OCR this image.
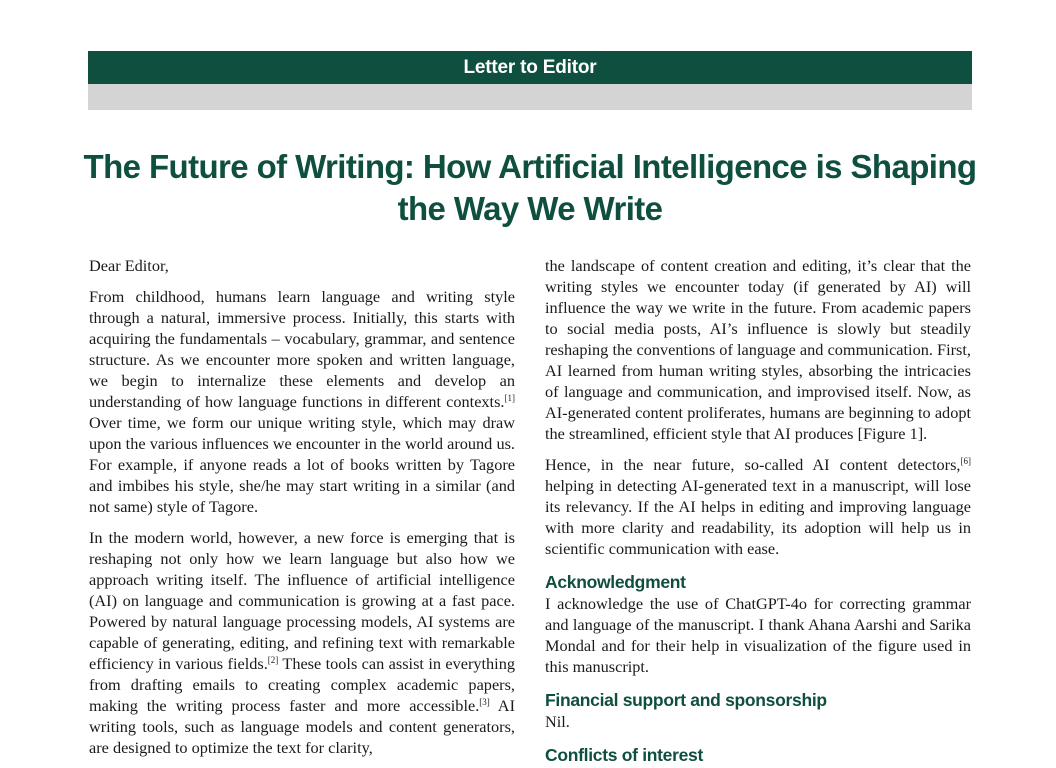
Letter to Editor
The Future of Writing: How Artificial Intelligence is Shaping the Way We Write

Dear Editor,

From childhood, humans learn language and writing style through a natural, immersive process. Initially, this starts with acquiring the fundamentals – vocabulary, grammar, and sentence structure. As we encounter more spoken and written language, we begin to internalize these elements and develop an understanding of how language functions in different contexts.[1] Over time, we form our unique writing style, which may draw upon the various influences we encounter in the world around us. For example, if anyone reads a lot of books written by Tagore and imbibes his style, she/he may start writing in a similar (and not same) style of Tagore.

In the modern world, however, a new force is emerging that is reshaping not only how we learn language but also how we approach writing itself. The influence of artificial intelligence (AI) on language and communication is growing at a fast pace. Powered by natural language processing models, AI systems are capable of generating, editing, and refining text with remarkable efficiency in various fields.[2] These tools can assist in everything from drafting emails to creating complex academic papers, making the writing process faster and more accessible.[3] AI writing tools, such as language models and content generators, are designed to optimize the text for clarity,

the landscape of content creation and editing, it’s clear that the writing styles we encounter today (if generated by AI) will influence the way we write in the future. From academic papers to social media posts, AI’s influence is slowly but steadily reshaping the conventions of language and communication. First, AI learned from human writing styles, absorbing the intricacies of language and communication, and improvised itself. Now, as AI-generated content proliferates, humans are beginning to adopt the streamlined, efficient style that AI produces [Figure 1].

Hence, in the near future, so-called AI content detectors,[6] helping in detecting AI-generated text in a manuscript, will lose its relevancy. If the AI helps in editing and improving language with more clarity and readability, its adoption will help us in scientific communication with ease.

Acknowledgment

I acknowledge the use of ChatGPT-4o for correcting grammar and language of the manuscript. I thank Ahana Aarshi and Sarika Mondal and for their help in visualization of the figure used in this manuscript.

Financial support and sponsorship

Nil.

Conflicts of interest
